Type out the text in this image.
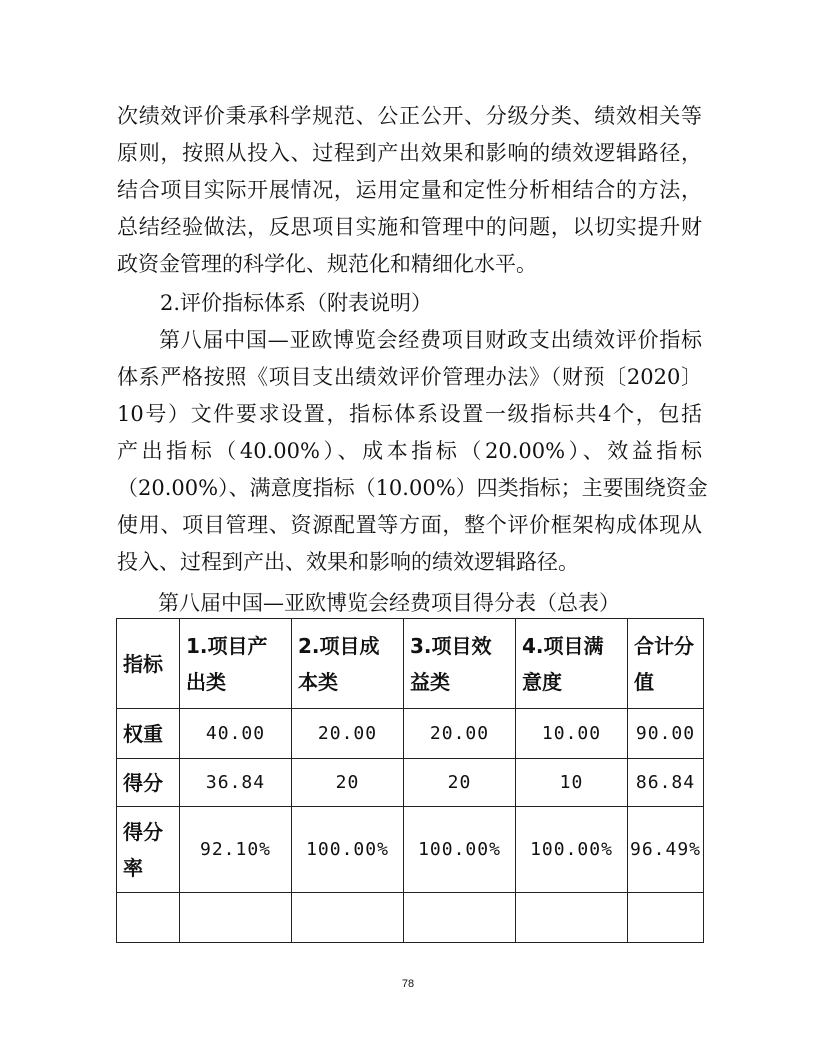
次绩效评价秉承科学规范、公正公开、分级分类、绩效相关等
原则，按照从投入、过程到产出效果和影响的绩效逻辑路径，
结合项目实际开展情况，运用定量和定性分析相结合的方法，
总结经验做法，反思项目实施和管理中的问题，以切实提升财
政资金管理的科学化、规范化和精细化水平。

2.评价指标体系（附表说明）

第八届中国—亚欧博览会经费项目财政支出绩效评价指标
体系严格按照《项目支出绩效评价管理办法》（财预〔2020〕
10号）文件要求设置，指标体系设置一级指标共4个，包括
产出指标（40.00%）、成本指标（20.00%）、效益指标
（20.00%）、满意度指标（10.00%）四类指标；主要围绕资金
使用、项目管理、资源配置等方面，整个评价框架构成体现从
投入、过程到产出、效果和影响的绩效逻辑路径。

第八届中国—亚欧博览会经费项目得分表（总表）

指标	1.项目产出类	2.项目成本类	3.项目效益类	4.项目满意度	合计分值
权重	40.00	20.00	20.00	10.00	90.00
得分	36.84	20	20	10	86.84
得分率	92.10%	100.00%	100.00%	100.00%	96.49%

78
